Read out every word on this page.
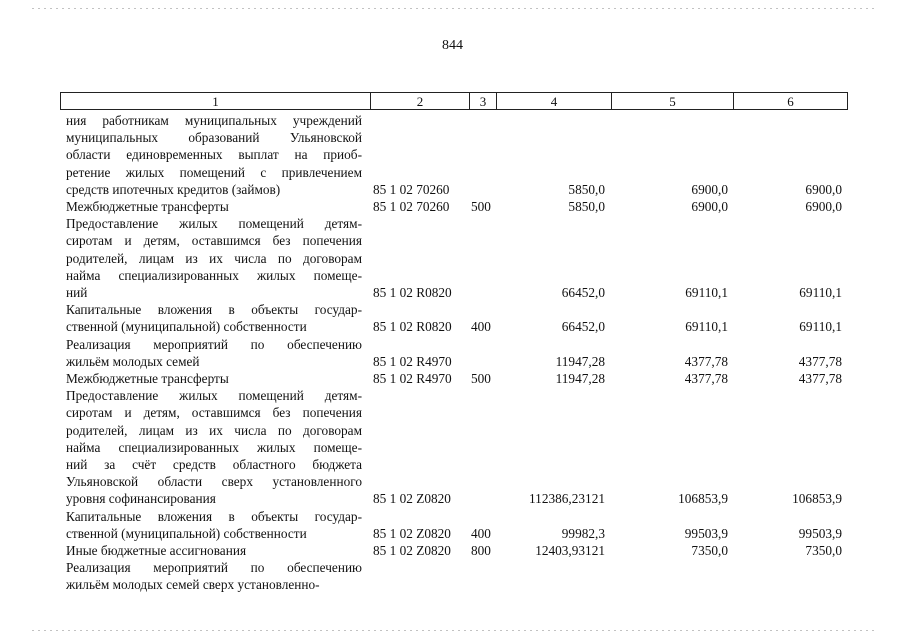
844
1	2	3	4	5	6
ния работникам муниципальных учреждений
муниципальных образований Ульяновской
области единовременных выплат на приоб-
ретение жилых помещений с привлечением
средств ипотечных кредитов (займов)	85 1 02 70260	5850,0	6900,0	6900,0
Межбюджетные трансферты	85 1 02 70260 500	5850,0	6900,0	6900,0
Предоставление жилых помещений детям-
сиротам и детям, оставшимся без попечения
родителей, лицам из их числа по договорам
найма специализированных жилых помеще-
ний	85 1 02 R0820	66452,0	69110,1	69110,1
Капитальные вложения в объекты государ-
ственной (муниципальной) собственности	85 1 02 R0820 400	66452,0	69110,1	69110,1
Реализация мероприятий по обеспечению
жильём молодых семей	85 1 02 R4970	11947,28	4377,78	4377,78
Межбюджетные трансферты	85 1 02 R4970 500	11947,28	4377,78	4377,78
Предоставление жилых помещений детям-
сиротам и детям, оставшимся без попечения
родителей, лицам из их числа по договорам
найма специализированных жилых помеще-
ний за счёт средств областного бюджета
Ульяновской области сверх установленного
уровня софинансирования	85 1 02 Z0820	112386,23121	106853,9	106853,9
Капитальные вложения в объекты государ-
ственной (муниципальной) собственности	85 1 02 Z0820 400	99982,3	99503,9	99503,9
Иные бюджетные ассигнования	85 1 02 Z0820 800	12403,93121	7350,0	7350,0
Реализация мероприятий по обеспечению
жильём молодых семей сверх установленно-
